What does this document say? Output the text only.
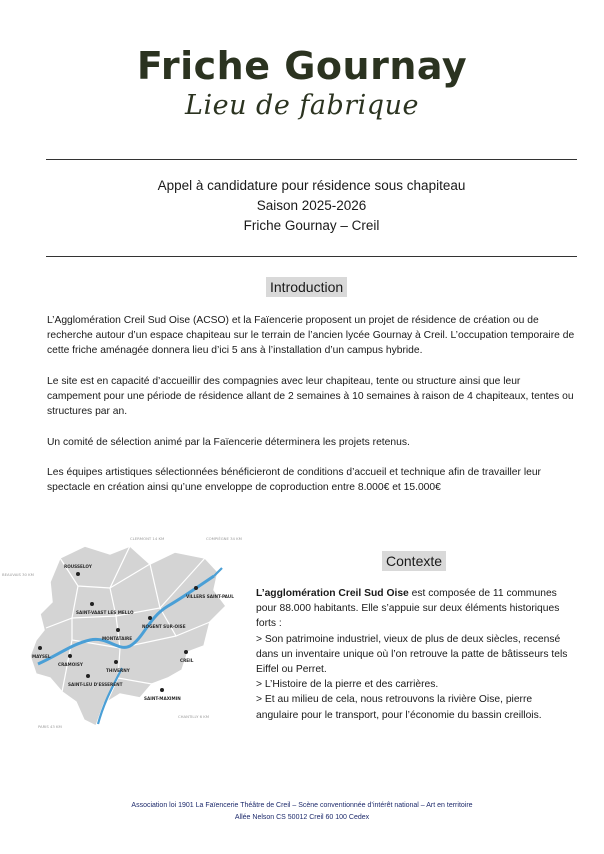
Friche Gournay
Lieu de fabrique
Appel à candidature pour résidence sous chapiteau
Saison 2025-2026
Friche Gournay – Creil
Introduction

L’Agglomération Creil Sud Oise (ACSO) et la Faïencerie proposent un projet de résidence de création ou de recherche autour d’un espace chapiteau sur le terrain de l’ancien lycée Gournay à Creil. L’occupation temporaire de cette friche aménagée donnera lieu d’ici 5 ans à l’installation d’un campus hybride.

Le site est en capacité d’accueillir des compagnies avec leur chapiteau, tente ou structure ainsi que leur campement pour une période de résidence allant de 2 semaines à 10 semaines à raison de 4 chapiteaux, tentes ou structures par an.

Un comité de sélection animé par la Faïencerie déterminera les projets retenus.

Les équipes artistiques sélectionnées bénéficieront de conditions d’accueil et technique afin de travailler leur spectacle en création ainsi qu’une enveloppe de coproduction entre 8.000€ et 15.000€

ROUSSELOY
SAINT-VAAST LES MELLO
MONTATAIRE
NOGENT SUR-OISE
VILLERS SAINT-PAUL
MAYSEL
CRAMOISY
CREIL
THIVERNY
SAINT-LEU D'ESSERENT
SAINT-MAXIMIN
CLERMONT 14 KM	COMPIÈGNE 34 KM
BEAUVAIS 30 KM
CHANTILLY 6 KM
PARIS 43 KM
Contexte

L’agglomération Creil Sud Oise est composée de 11 communes pour 88.000 habitants. Elle s’appuie sur deux éléments historiques forts :

> Son patrimoine industriel, vieux de plus de deux siècles, recensé dans un inventaire unique où l’on retrouve la patte de bâtisseurs tels Eiffel ou Perret.

> L’Histoire de la pierre et des carrières.

> Et au milieu de cela, nous retrouvons la rivière Oise, pierre angulaire pour le transport, pour l’économie du bassin creillois.

Association loi 1901 La Faïencerie Théâtre de Creil – Scène conventionnée d’intérêt national – Art en territoire
Allée Nelson CS 50012 Creil 60 100 Cedex
